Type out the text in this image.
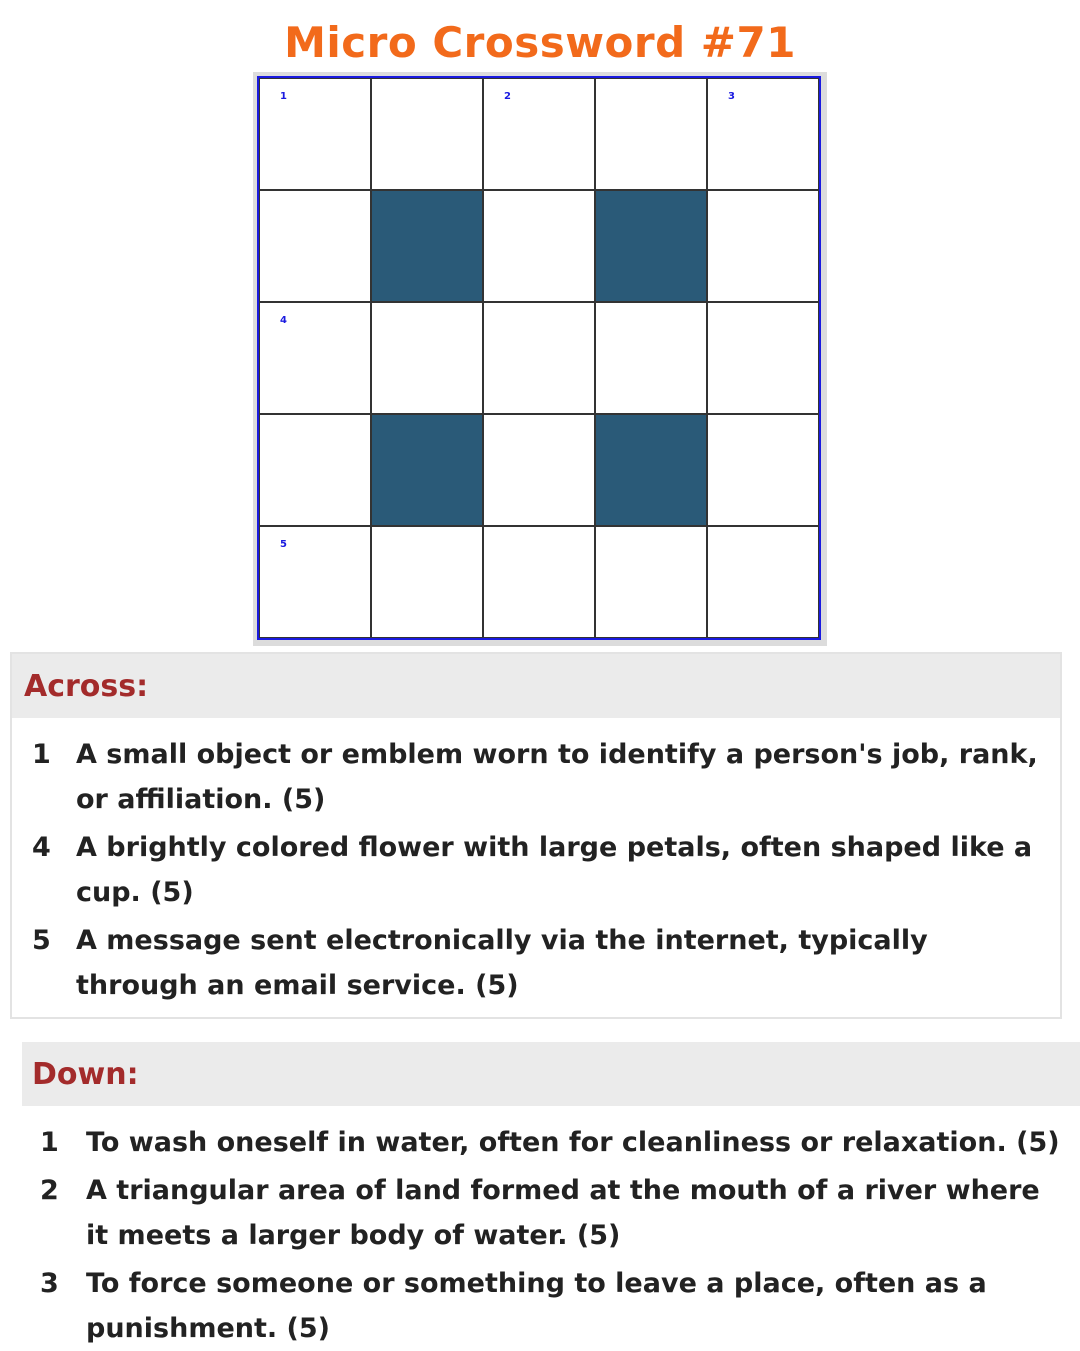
Micro Crossword #71
1	2	3
4
5
Across:
1 A small object or emblem worn to identify a person's job, rank, or affiliation. (5)
4 A brightly colored flower with large petals, often shaped like a cup. (5)
5 A message sent electronically via the internet, typically through an email service. (5)
Down:
1	To wash oneself in water, often for cleanliness or relaxation. (5)
2	A triangular area of land formed at the mouth of a river where it meets a larger body of water. (5)
3	To force someone or something to leave a place, often as a punishment. (5)
